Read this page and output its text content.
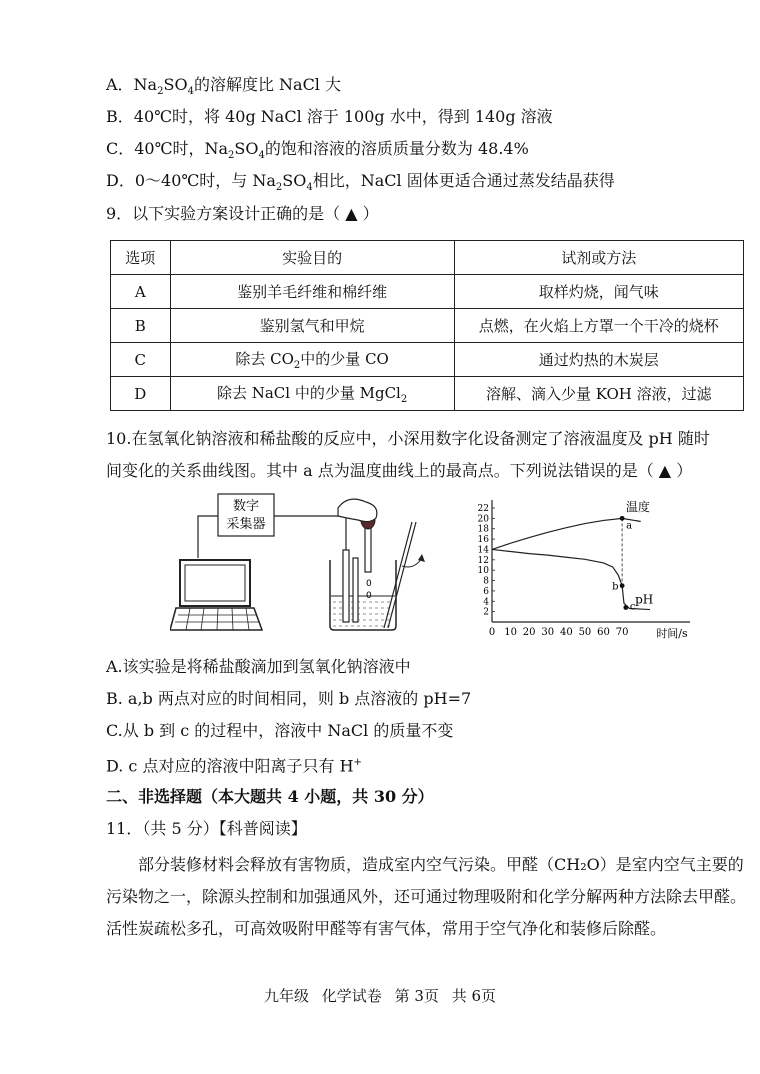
A．$Na_2SO_4$的溶解度比 NaCl 大
B．40℃时，将 40g NaCl 溶于 100g 水中，得到 140g 溶液
C．40℃时，$Na_2SO_4$的饱和溶液的溶质质量分数为 48.4%
D．0～40℃时，与 $Na_2SO_4$相比，NaCl 固体更适合通过蒸发结晶获得
9．以下实验方案设计正确的是（ ▲ ）
选项	实验目的	试剂或方法
A	鉴别羊毛纤维和棉纤维	取样灼烧，闻气味
B	鉴别氢气和甲烷	点燃，在火焰上方罩一个干冷的烧杯
C	除去 $CO_2$中的少量 CO	通过灼热的木炭层
D	除去 NaCl 中的少量 MgCl$_2$	溶解、滴入少量 KOH 溶液，过滤
10.在氢氧化钠溶液和稀盐酸的反应中，小深用数字化设备测定了溶液温度及 pH 随时
间变化的关系曲线图。其中 a 点为温度曲线上的最高点。下列说法错误的是（ ▲ ）
数字
采集器
0
0
2
4
6
8
10
12
14
16
18
20
22
0 10 20 30 40 50 60 70	时间/s
温度
pH
a
b
c
A.该实验是将稀盐酸滴加到氢氧化钠溶液中
B. a,b 两点对应的时间相同，则 b 点溶液的 pH=7
C.从 b 到 c 的过程中，溶液中 NaCl 的质量不变
D. c 点对应的溶液中阳离子只有 H+
二、非选择题（本大题共 4 小题，共 30 分）
11．（共 5 分）【科普阅读】
部分装修材料会释放有害物质，造成室内空气污染。甲醛（CH₂O）是室内空气主要的污染物之一，除源头控制和加强通风外，还可通过物理吸附和化学分解两种方法除去甲醛。活性炭疏松多孔，可高效吸附甲醛等有害气体，常用于空气净化和装修后除醛。
九年级 化学试卷 第 3页 共 6页
